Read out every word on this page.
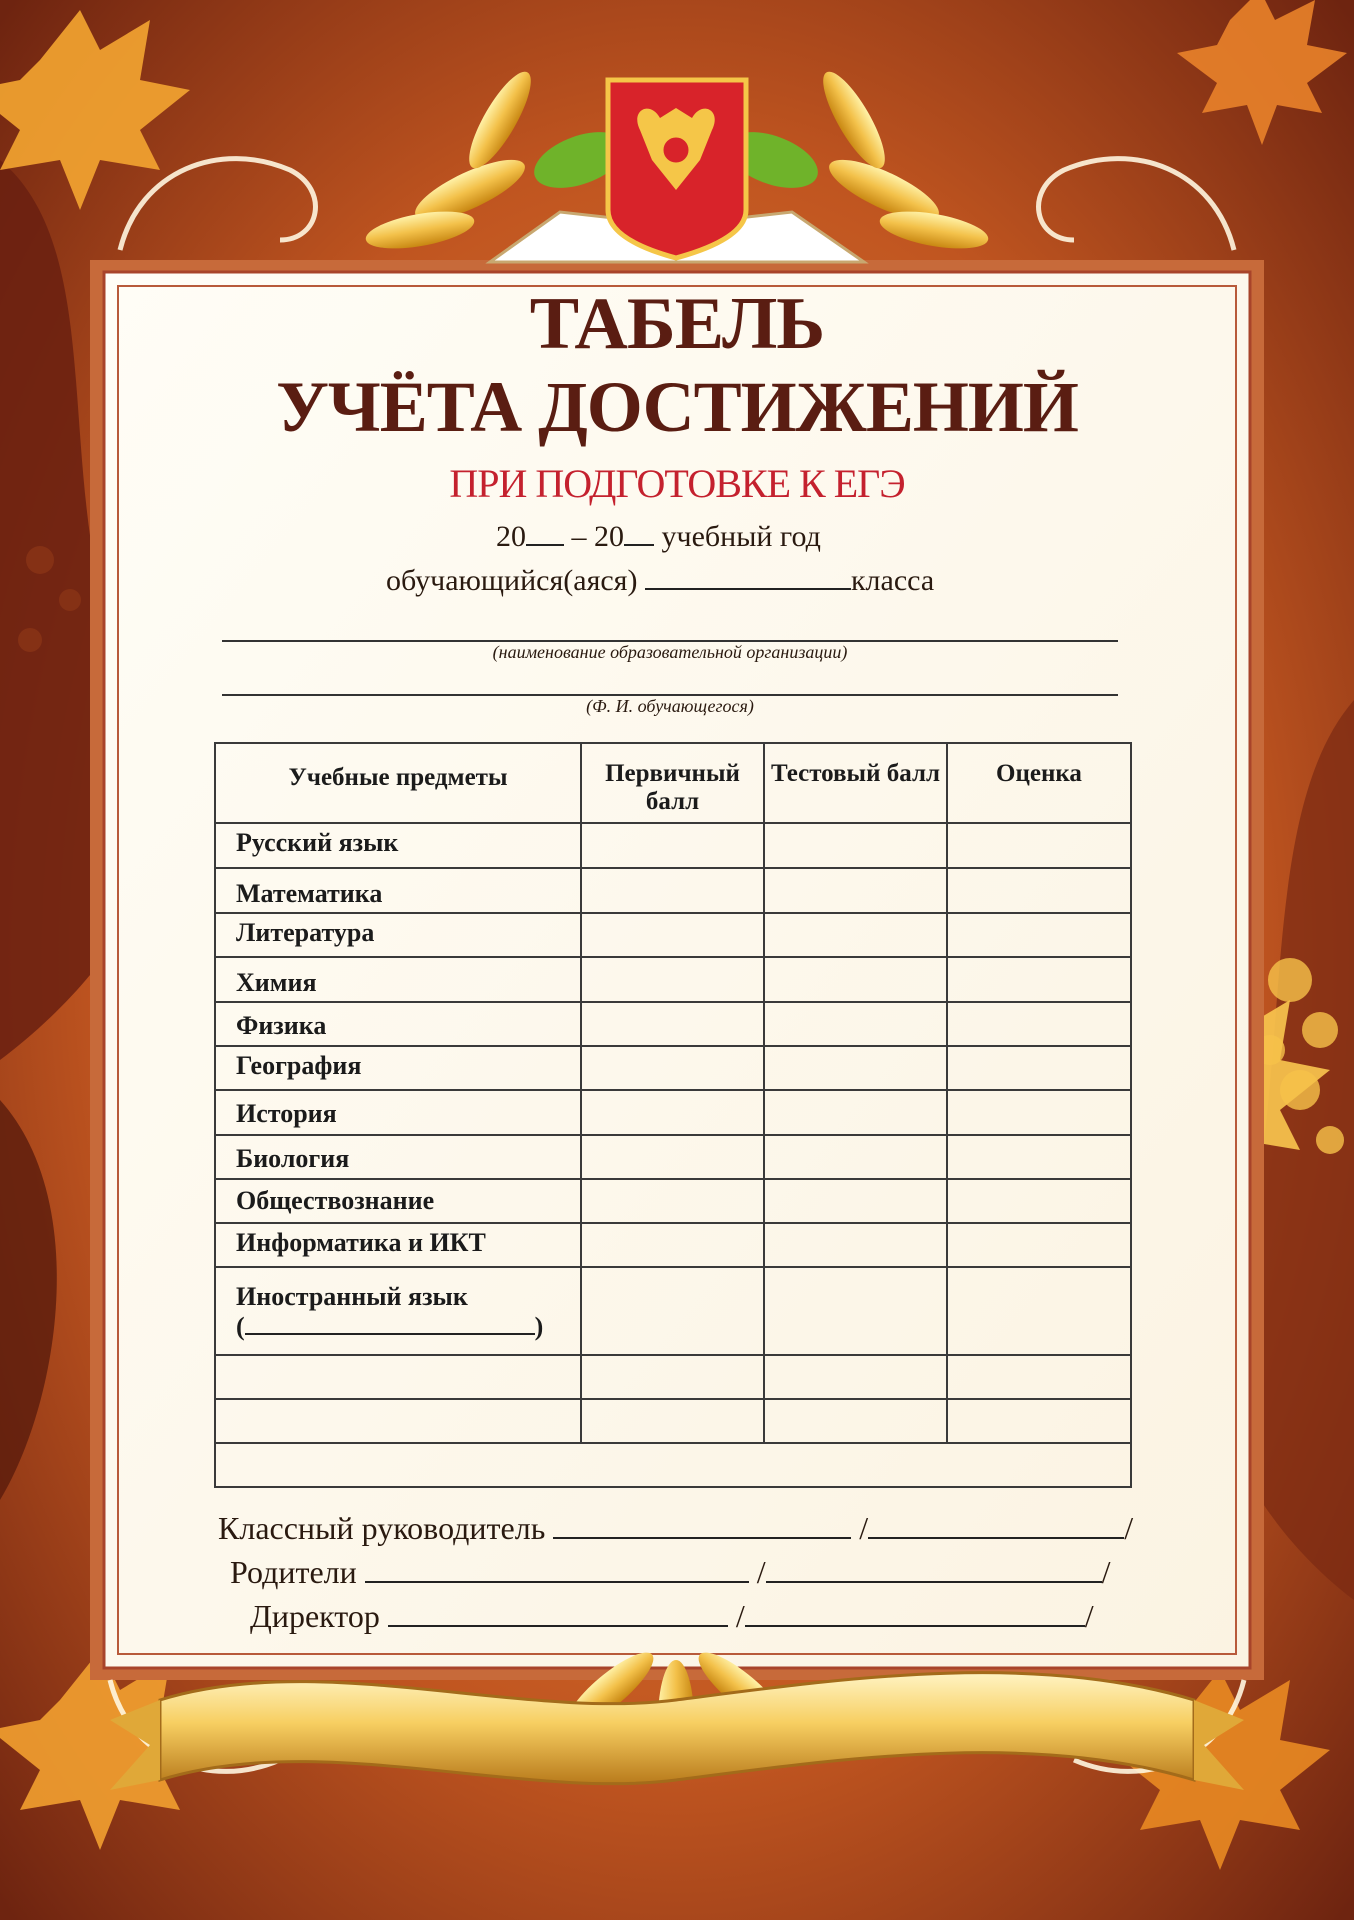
ТАБЕЛЬ
УЧЁТА ДОСТИЖЕНИЙ
ПРИ ПОДГОТОВКЕ К ЕГЭ
20 – 20 учебный год
обучающийся(аяся)	класса
(наименование образовательной организации)
(Ф. И. обучающегося)
Учебные предметы	Первичный балл	Тестовый балл	Оценка
Русский язык			
Математика			
Литература			
Химия			
Физика			
География			
История			
Биология			
Обществознание			
Информатика и ИКТ			

Иностранный язык
( )			

Классный руководитель	/	/
Родители	/	/
Директор	/	/
